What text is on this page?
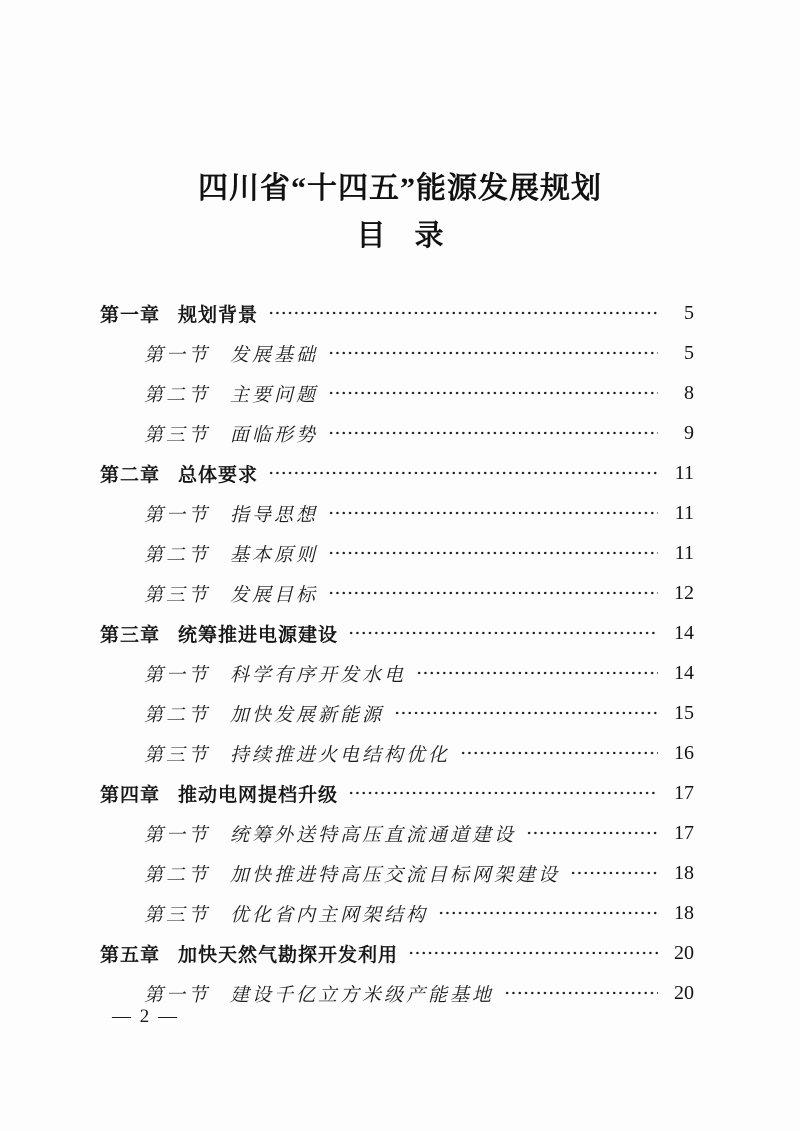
四川省“十四五”能源发展规划
目　录
第一章 规划背景	5
第一节 发展基础	5
第二节 主要问题	8
第三节 面临形势	9
第二章 总体要求	11
第一节 指导思想	11
第二节 基本原则	11
第三节 发展目标	12
第三章 统筹推进电源建设	14
第一节 科学有序开发水电	14
第二节 加快发展新能源	15
第三节 持续推进火电结构优化	16
第四章 推动电网提档升级	17
第一节 统筹外送特高压直流通道建设	17
第二节 加快推进特高压交流目标网架建设	18
第三节 优化省内主网架结构	18
第五章 加快天然气勘探开发利用	20
第一节 建设千亿立方米级产能基地	20
— 2 —
